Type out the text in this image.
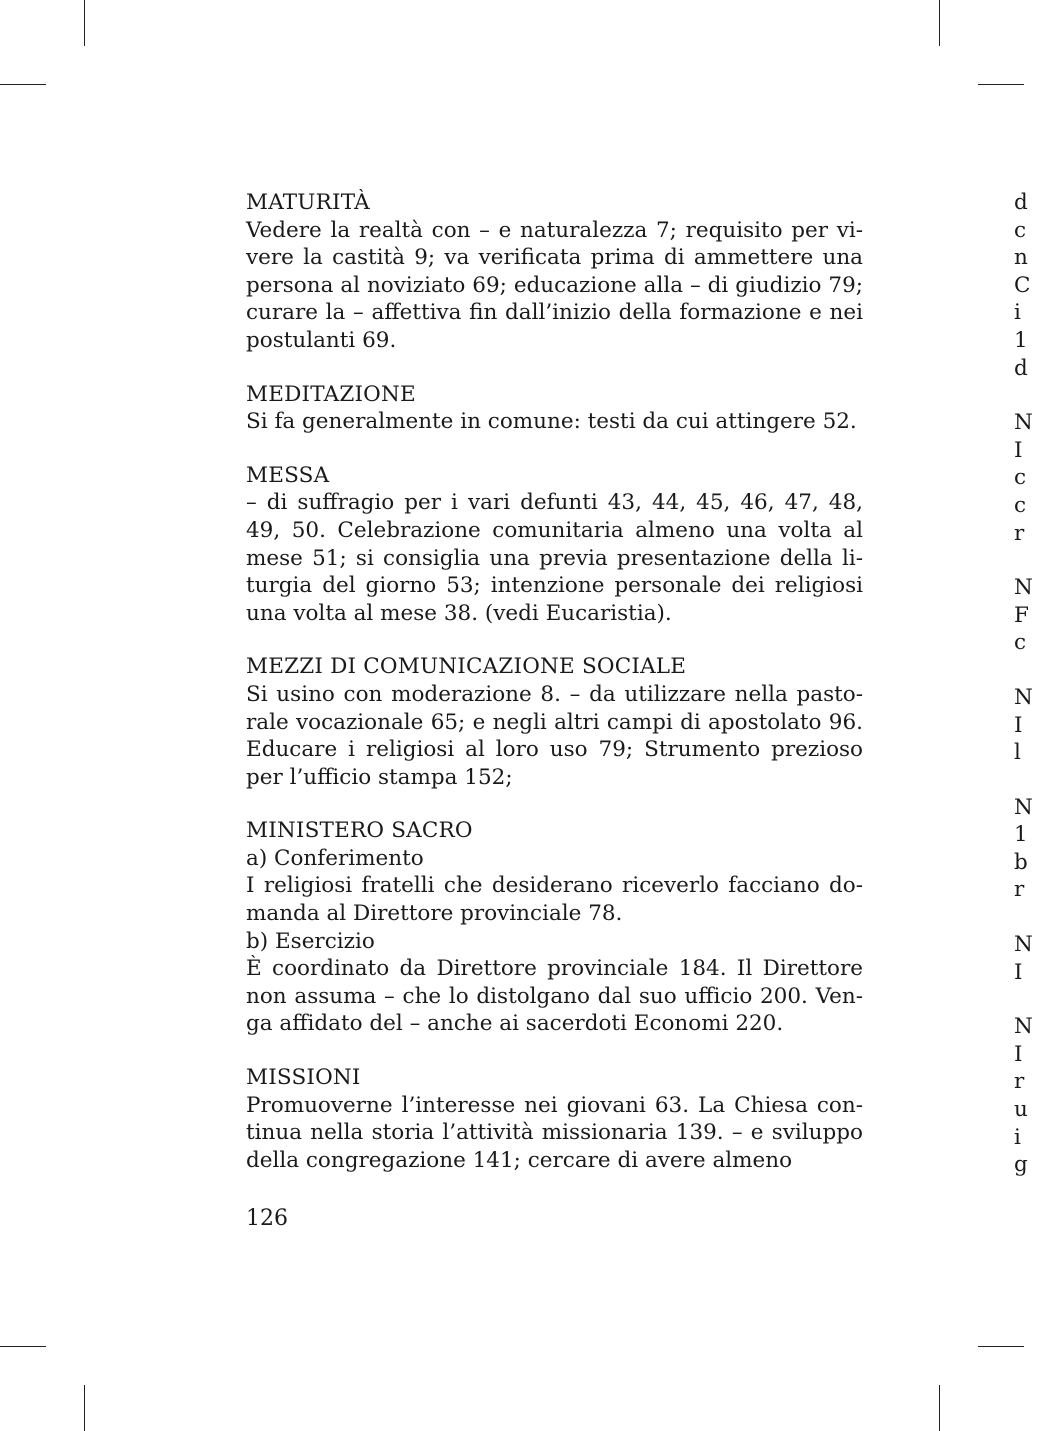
MATURITÀ
Vedere la realtà con – e naturalezza 7; requisito per vivere la castità 9; va verificata prima di ammettere una persona al noviziato 69; educazione alla – di giudizio 79; curare la – affettiva fin dall’inizio della formazione e nei postulanti 69.
MEDITAZIONE
Si fa generalmente in comune: testi da cui attingere 52.
MESSA
– di suffragio per i vari defunti 43, 44, 45, 46, 47, 48, 49, 50. Celebrazione comunitaria almeno una volta al mese 51; si consiglia una previa presentazione della liturgia del giorno 53; intenzione personale dei religiosi una volta al mese 38. (vedi Eucaristia).
MEZZI DI COMUNICAZIONE SOCIALE
Si usino con moderazione 8. – da utilizzare nella pastorale vocazionale 65; e negli altri campi di apostolato 96. Educare i religiosi al loro uso 79; Strumento prezioso per l’ufficio stampa 152;
MINISTERO SACRO
a) Conferimento
I religiosi fratelli che desiderano riceverlo facciano domanda al Direttore provinciale 78.
b) Esercizio
È coordinato da Direttore provinciale 184. Il Direttore non assuma – che lo distolgano dal suo ufficio 200. Venga affidato del – anche ai sacerdoti Economi 220.
MISSIONI
Promuoverne l’interesse nei giovani 63. La Chiesa continua nella storia l’attività missionaria 139. – e sviluppo della congregazione 141; cercare di avere almeno
126
d
c
n
C
i
1
d
N
I
c
c
r
N
F
c
N
I
l
N
1
b
r
N
I
N
I
r
u
i
g
